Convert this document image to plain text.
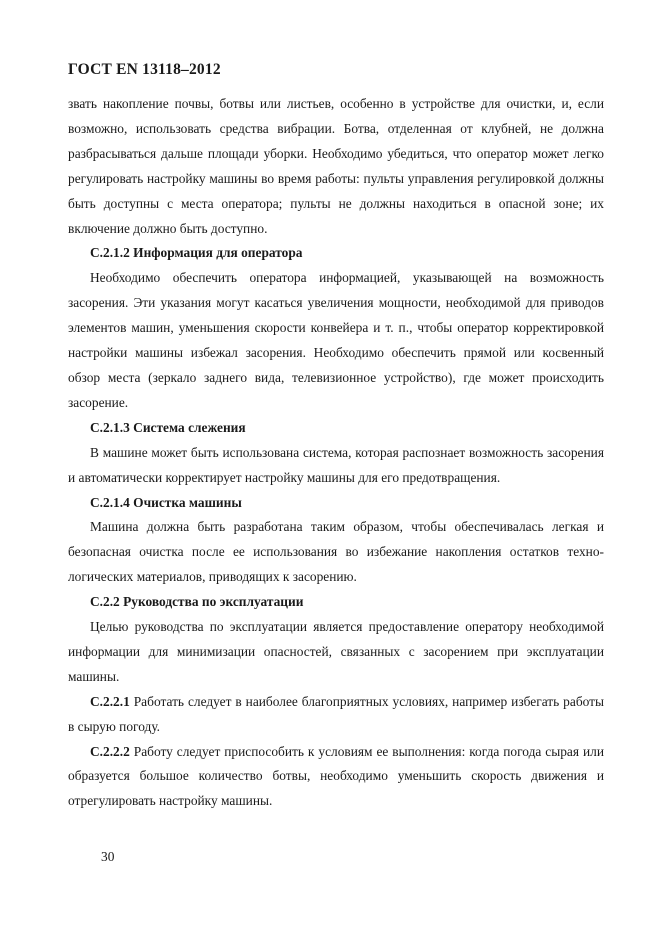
ГОСТ EN 13118–2012

звать накопление почвы, ботвы или листьев, особенно в устройстве для очистки, и, если возможно, использовать средства вибрации. Ботва, отделенная от клубней, не должна разбрасываться дальше площади уборки. Необходимо убедиться, что оператор может легко регулировать настройку машины во время работы: пульты управления регулировкой должны быть доступны с места оператора; пульты не должны находиться в опасной зоне; их включение должно быть доступно.

С.2.1.2 Информация для оператора

Необходимо обеспечить оператора информацией, указывающей на возможность засорения. Эти указания могут касаться увеличения мощности, необходимой для приводов элементов машин, уменьшения скорости конвейера и т. п., чтобы оператор корректировкой настройки машины избежал засорения. Необходимо обеспечить прямой или косвенный обзор места (зеркало заднего вида, телевизионное устройство), где может происходить засорение.

С.2.1.3 Система слежения

В машине может быть использована система, которая распознает возможность засорения и автоматически корректирует настройку машины для его предотвращения.

С.2.1.4 Очистка машины

Машина должна быть разработана таким образом, чтобы обеспечивалась легкая и безопасная очистка после ее использования во избежание накопления остатков технологических материалов, приводящих к засорению.

С.2.2 Руководства по эксплуатации

Целью руководства по эксплуатации является предоставление оператору необходимой информации для минимизации опасностей, связанных с засорением при эксплуатации машины.

С.2.2.1 Работать следует в наиболее благоприятных условиях, например избегать работы в сырую погоду.

С.2.2.2 Работу следует приспособить к условиям ее выполнения: когда погода сырая или образуется большое количество ботвы, необходимо уменьшить скорость движения и отрегулировать настройку машины.

30
